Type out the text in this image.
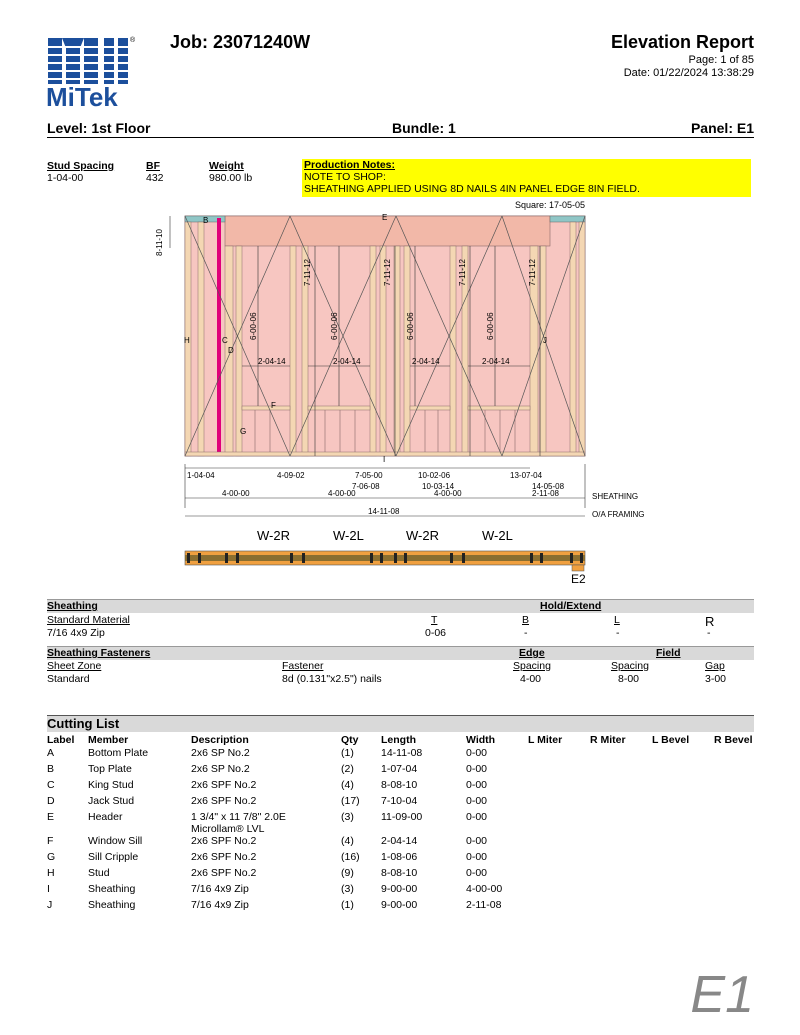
®
MiTek
Job: 23071240W	Elevation Report
Page: 1 of 85
Date: 01/22/2024 13:38:29
Level: 1st Floor	Bundle: 1	Panel: E1
Stud Spacing
1-04-00
BF
432
Weight
980.00 lb
Production Notes:
NOTE TO SHOP:
SHEATHING APPLIED USING 8D NAILS 4IN PANEL EDGE 8IN FIELD.
Square: 17-05-05
8-11-10
7-11-12	7-11-12	7-11-12	7-11-12
6-00-06	6-00-06	6-00-06	6-00-06
2-04-14	2-04-14	2-04-14	2-04-14
B	E
H	C
D
F
G
J
I
1-04-04	4-09-02	7-05-00	10-02-06	13-07-04
7-06-08	10-03-14	14-05-08
4-00-00	4-00-00	4-00-00	2-11-08	SHEATHING
14-11-08	O/A FRAMING
W-2R	W-2L	W-2R	W-2L
E2
Sheathing	Hold/Extend
Standard Material
7/16 4x9 Zip
T	B	L	R
0-06	-	-	-
Sheathing Fasteners	Edge	Field
Sheet Zone	Fastener	Spacing	Spacing	Gap
Standard	8d (0.131"x2.5") nails	4-00	8-00	3-00
Cutting List
Label	Member	Description	Qty	Length	Width	L Miter	R Miter	L Bevel	R Bevel
A	Bottom Plate	2x6 SP No.2	(1)	14-11-08	0-00				
B	Top Plate	2x6 SP No.2	(2)	1-07-04	0-00				
C	King Stud	2x6 SPF No.2	(4)	8-08-10	0-00				
D	Jack Stud	2x6 SPF No.2	(17)	7-10-04	0-00				
E	Header	1 3/4" x 11 7/8" 2.0E
Microllam® LVL	(3)	11-09-00	0-00				
F	Window Sill	2x6 SPF No.2	(4)	2-04-14	0-00				
G	Sill Cripple	2x6 SPF No.2	(16)	1-08-06	0-00				
H	Stud	2x6 SPF No.2	(9)	8-08-10	0-00				
I	Sheathing	7/16 4x9 Zip	(3)	9-00-00	4-00-00				
J	Sheathing	7/16 4x9 Zip	(1)	9-00-00	2-11-08				
E1
